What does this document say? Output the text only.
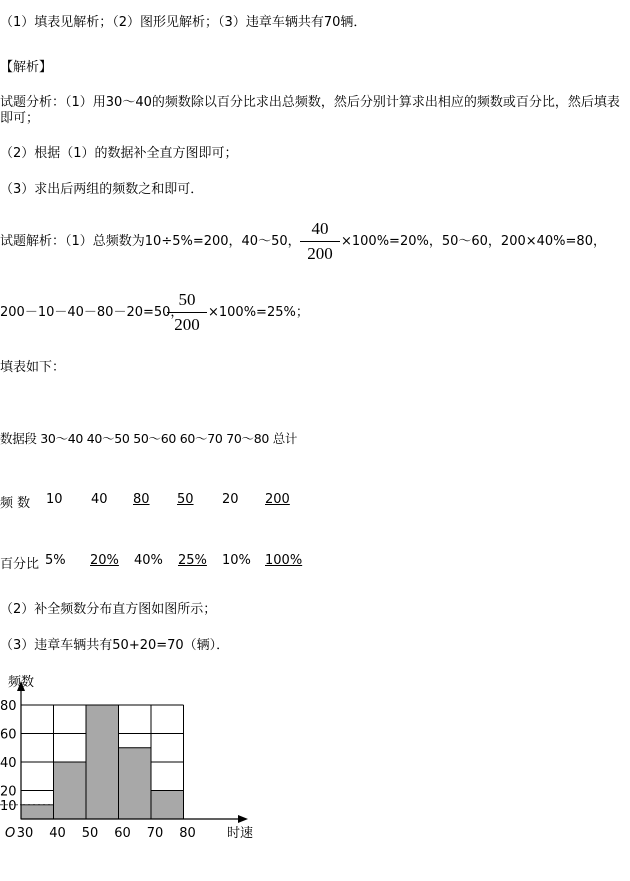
（1）填表见解析；（2）图形见解析；（3）违章车辆共有70辆．
【解析】
试题分析：（1）用30～40的频数除以百分比求出总频数，然后分别计算求出相应的频数或百分比，然后填表即可；
（2）根据（1）的数据补全直方图即可；
（3）求出后两组的频数之和即可．
试题解析：（1）总频数为10÷5%=200，40～50，
40
200
×100%=20%，50～60，200×40%=80，
200－10－40－80－20=50，
50
200
×100%=25%；
填表如下：
数据段 30～40 40～50 50～60 60～70 70～80 总计
频 数 10 40 80 50 20 200
百分比 5% 20% 40% 25% 10% 100%
（2）补全频数分布直方图如图所示；
（3）违章车辆共有50+20=70（辆）．
10
20
40
60
80
30 40 50 60 70 80
O
频数
时速
